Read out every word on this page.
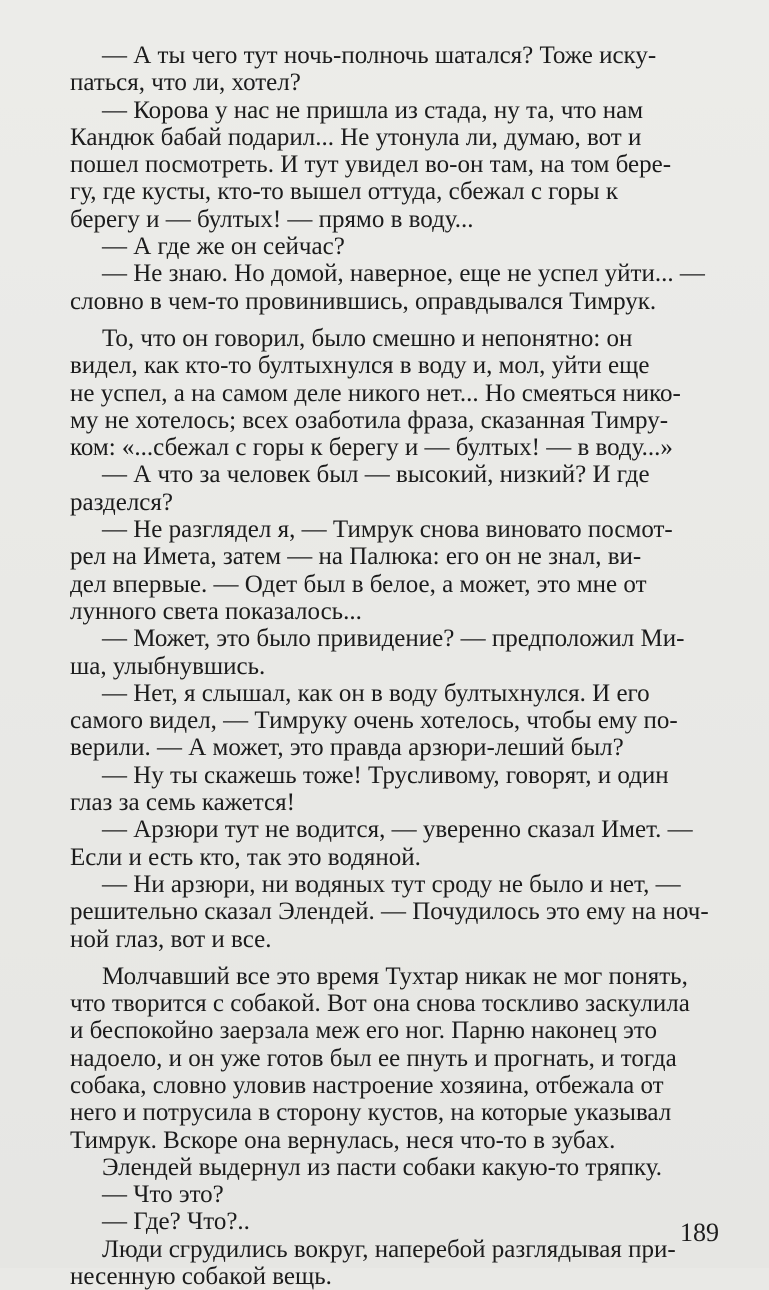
— А ты чего тут ночь-полночь шатался? Тоже иску-
паться, что ли, хотел?

— Корова у нас не пришла из стада, ну та, что нам
Кандюк бабай подарил... Не утонула ли, думаю, вот и
пошел посмотреть. И тут увидел во-он там, на том бере-
гу, где кусты, кто-то вышел оттуда, сбежал с горы к
берегу и — бултых! — прямо в воду...

— А где же он сейчас?

— Не знаю. Но домой, наверное, еще не успел уйти... —
словно в чем-то провинившись, оправдывался Тимрук.

То, что он говорил, было смешно и непонятно: он
видел, как кто-то бултыхнулся в воду и, мол, уйти еще
не успел, а на самом деле никого нет... Но смеяться нико-
му не хотелось; всех озаботила фраза, сказанная Тимру-
ком: «...сбежал с горы к берегу и — бултых! — в воду...»

— А что за человек был — высокий, низкий? И где
разделся?

— Не разглядел я, — Тимрук снова виновато посмот-
рел на Имета, затем — на Палюка: его он не знал, ви-
дел впервые. — Одет был в белое, а может, это мне от
лунного света показалось...

— Может, это было привидение? — предположил Ми-
ша, улыбнувшись.

— Нет, я слышал, как он в воду бултыхнулся. И его
самого видел, — Тимруку очень хотелось, чтобы ему по-
верили. — А может, это правда арзюри-леший был?

— Ну ты скажешь тоже! Трусливому, говорят, и один
глаз за семь кажется!

— Арзюри тут не водится, — уверенно сказал Имет. —
Если и есть кто, так это водяной.

— Ни арзюри, ни водяных тут сроду не было и нет, —
решительно сказал Элендей. — Почудилось это ему на ноч-
ной глаз, вот и все.

Молчавший все это время Тухтар никак не мог понять,
что творится с собакой. Вот она снова тоскливо заскулила
и беспокойно заерзала меж его ног. Парню наконец это
надоело, и он уже готов был ее пнуть и прогнать, и тогда
собака, словно уловив настроение хозяина, отбежала от
него и потрусила в сторону кустов, на которые указывал
Тимрук. Вскоре она вернулась, неся что-то в зубах.

Элендей выдернул из пасти собаки какую-то тряпку.

— Что это?

— Где? Что?..

Люди сгрудились вокруг, наперебой разглядывая при-
несенную собакой вещь.

189
